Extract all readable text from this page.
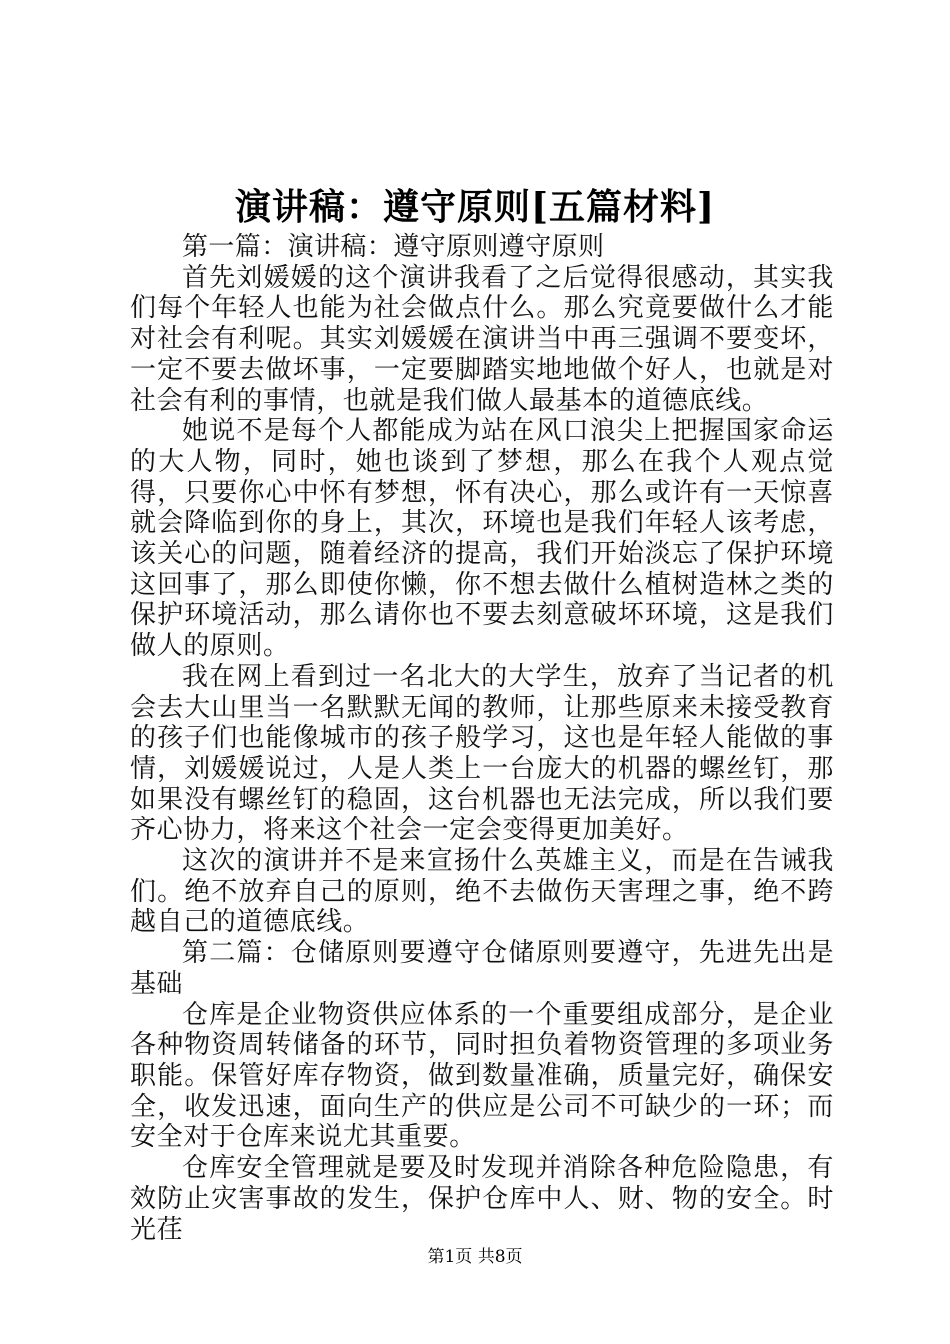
演讲稿：遵守原则[五篇材料]

第一篇：演讲稿：遵守原则遵守原则

首先刘媛媛的这个演讲我看了之后觉得很感动，其实我们每个年轻人也能为社会做点什么。那么究竟要做什么才能对社会有利呢。其实刘媛媛在演讲当中再三强调不要变坏，一定不要去做坏事，一定要脚踏实地地做个好人，也就是对社会有利的事情，也就是我们做人最基本的道德底线。

她说不是每个人都能成为站在风口浪尖上把握国家命运的大人物，同时，她也谈到了梦想，那么在我个人观点觉得，只要你心中怀有梦想，怀有决心，那么或许有一天惊喜就会降临到你的身上，其次，环境也是我们年轻人该考虑，该关心的问题，随着经济的提高，我们开始淡忘了保护环境这回事了，那么即使你懒，你不想去做什么植树造林之类的保护环境活动，那么请你也不要去刻意破坏环境，这是我们做人的原则。

我在网上看到过一名北大的大学生，放弃了当记者的机会去大山里当一名默默无闻的教师，让那些原来未接受教育的孩子们也能像城市的孩子般学习，这也是年轻人能做的事情，刘媛媛说过，人是人类上一台庞大的机器的螺丝钉，那如果没有螺丝钉的稳固，这台机器也无法完成，所以我们要齐心协力，将来这个社会一定会变得更加美好。

这次的演讲并不是来宣扬什么英雄主义，而是在告诫我们。绝不放弃自己的原则，绝不去做伤天害理之事，绝不跨越自己的道德底线。

第二篇：仓储原则要遵守仓储原则要遵守，先进先出是基础

仓库是企业物资供应体系的一个重要组成部分，是企业各种物资周转储备的环节，同时担负着物资管理的多项业务职能。保管好库存物资，做到数量准确，质量完好，确保安全，收发迅速，面向生产的供应是公司不可缺少的一环；而安全对于仓库来说尤其重要。

仓库安全管理就是要及时发现并消除各种危险隐患，有效防止灾害事故的发生，保护仓库中人、财、物的安全。时光荏

第1页 共8页
